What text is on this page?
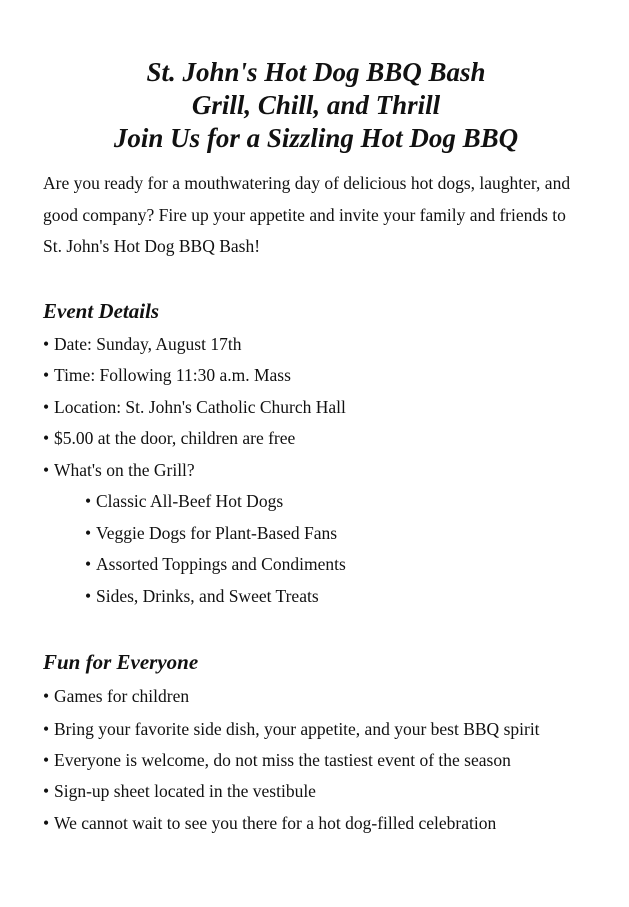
St. John's Hot Dog BBQ Bash
Grill, Chill, and Thrill
Join Us for a Sizzling Hot Dog BBQ

Are you ready for a mouthwatering day of delicious hot dogs, laughter, and good company? Fire up your appetite and invite your family and friends to St. John's Hot Dog BBQ Bash!

Event Details
• Date: Sunday, August 17th
• Time: Following 11:30 a.m. Mass
• Location: St. John's Catholic Church Hall
• $5.00 at the door, children are free
• What's on the Grill?
• Classic All-Beef Hot Dogs
• Veggie Dogs for Plant-Based Fans
• Assorted Toppings and Condiments
• Sides, Drinks, and Sweet Treats
Fun for Everyone
• Games for children
• Bring your favorite side dish, your appetite, and your best BBQ spirit
• Everyone is welcome, do not miss the tastiest event of the season
• Sign-up sheet located in the vestibule
• We cannot wait to see you there for a hot dog-filled celebration
